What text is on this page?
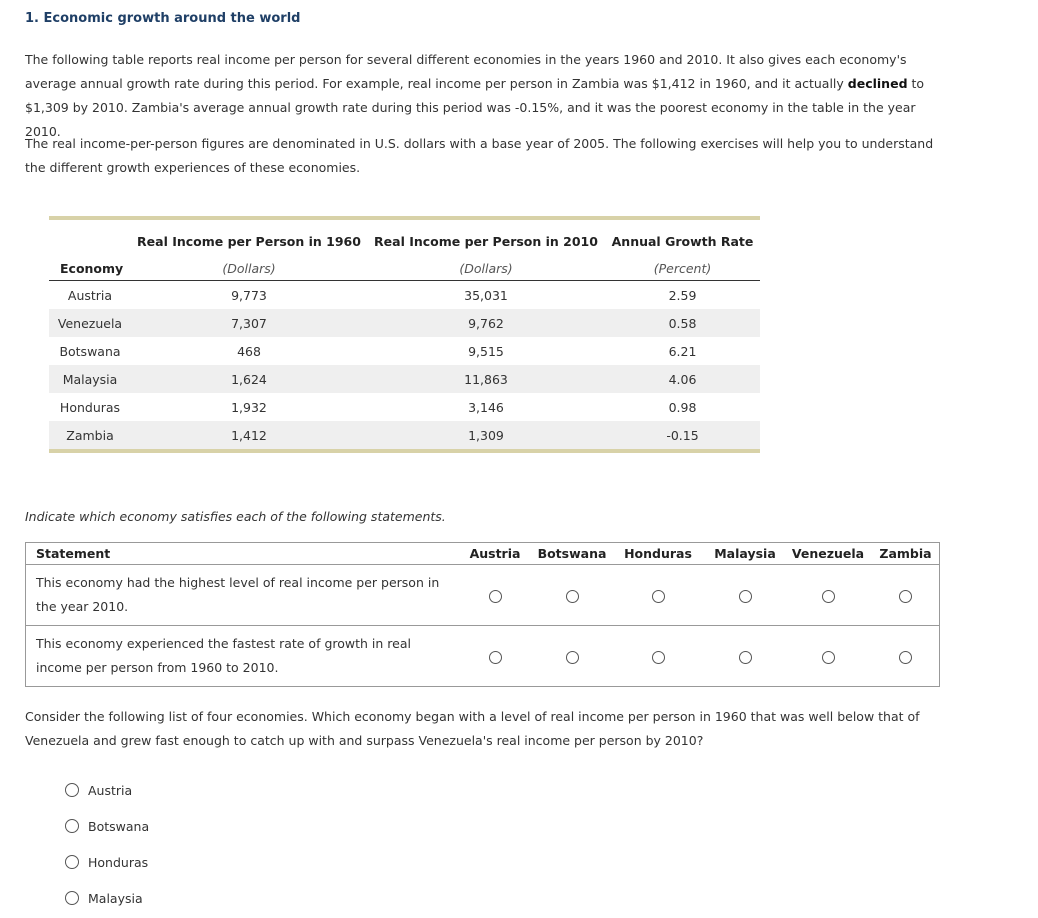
1. Economic growth around the world

The following table reports real income per person for several different economies in the years 1960 and 2010. It also gives each economy's average annual growth rate during this period. For example, real income per person in Zambia was $1,412 in 1960, and it actually declined to $1,309 by 2010. Zambia's average annual growth rate during this period was -0.15%, and it was the poorest economy in the table in the year 2010.

The real income-per-person figures are denominated in U.S. dollars with a base year of 2005. The following exercises will help you to understand the different growth experiences of these economies.

	Real Income per Person in 1960	Real Income per Person in 2010	Annual Growth Rate
Economy	(Dollars)	(Dollars)	(Percent)
Austria	9,773	35,031	2.59
Venezuela	7,307	9,762	0.58
Botswana	468	9,515	6.21
Malaysia	1,624	11,863	4.06
Honduras	1,932	3,146	0.98
Zambia	1,412	1,309	-0.15
Indicate which economy satisfies each of the following statements.
Statement	Austria	Botswana	Honduras	Malaysia	Venezuela	Zambia
This economy had the highest level of real income per person in the year 2010.						
This economy experienced the fastest rate of growth in real income per person from 1960 to 2010.						

Consider the following list of four economies. Which economy began with a level of real income per person in 1960 that was well below that of Venezuela and grew fast enough to catch up with and surpass Venezuela's real income per person by 2010?

Austria
Botswana
Honduras
Malaysia
